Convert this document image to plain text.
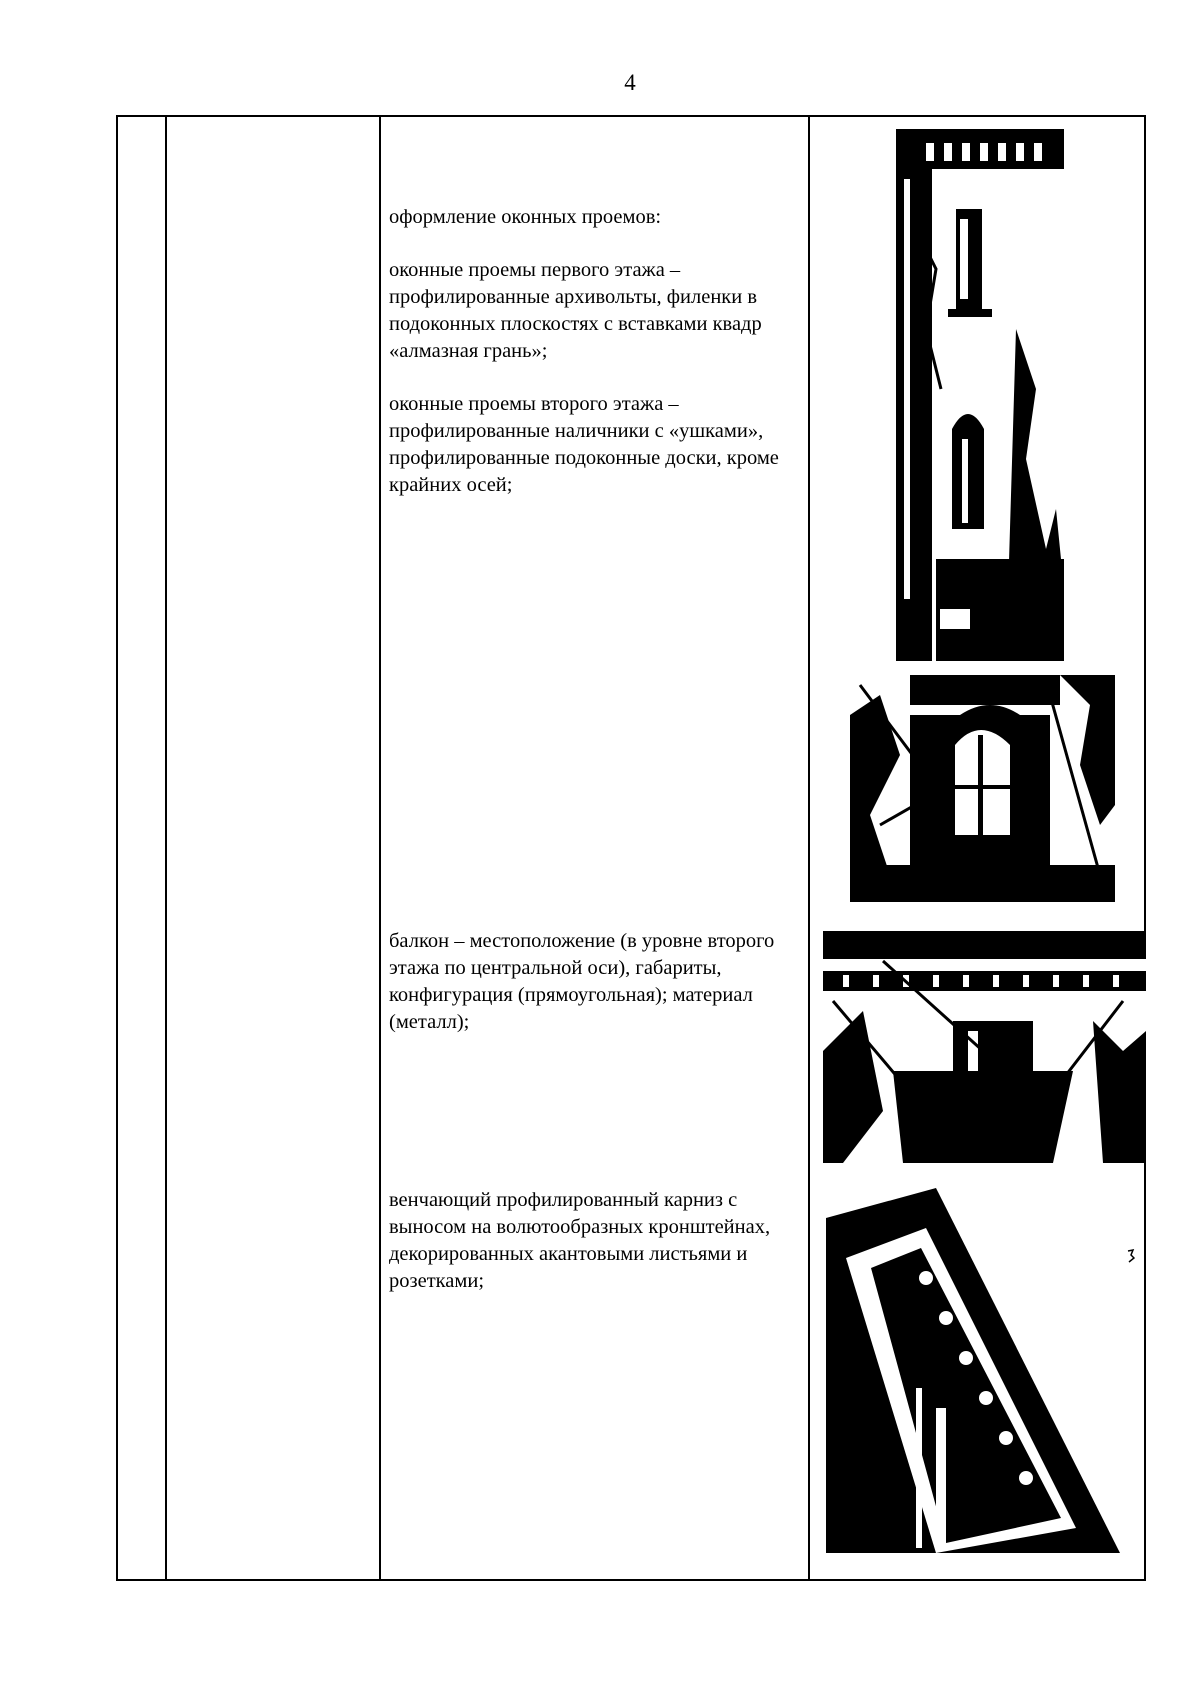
4

оформление оконных проемов:

оконные проемы первого этажа – профилированные архивольты, филенки в подоконных плоскостях с вставками квадр «алмазная грань»;

оконные проемы второго этажа – профилированные наличники с «ушками», профилированные подоконные доски, кроме крайних осей;

балкон – местоположение (в уровне второго этажа по центральной оси), габариты, конфигурация (прямоугольная); материал (металл);

венчающий профилированный карниз с выносом на волютообразных кронштейнах, декорированных акантовыми листьями и розетками;
